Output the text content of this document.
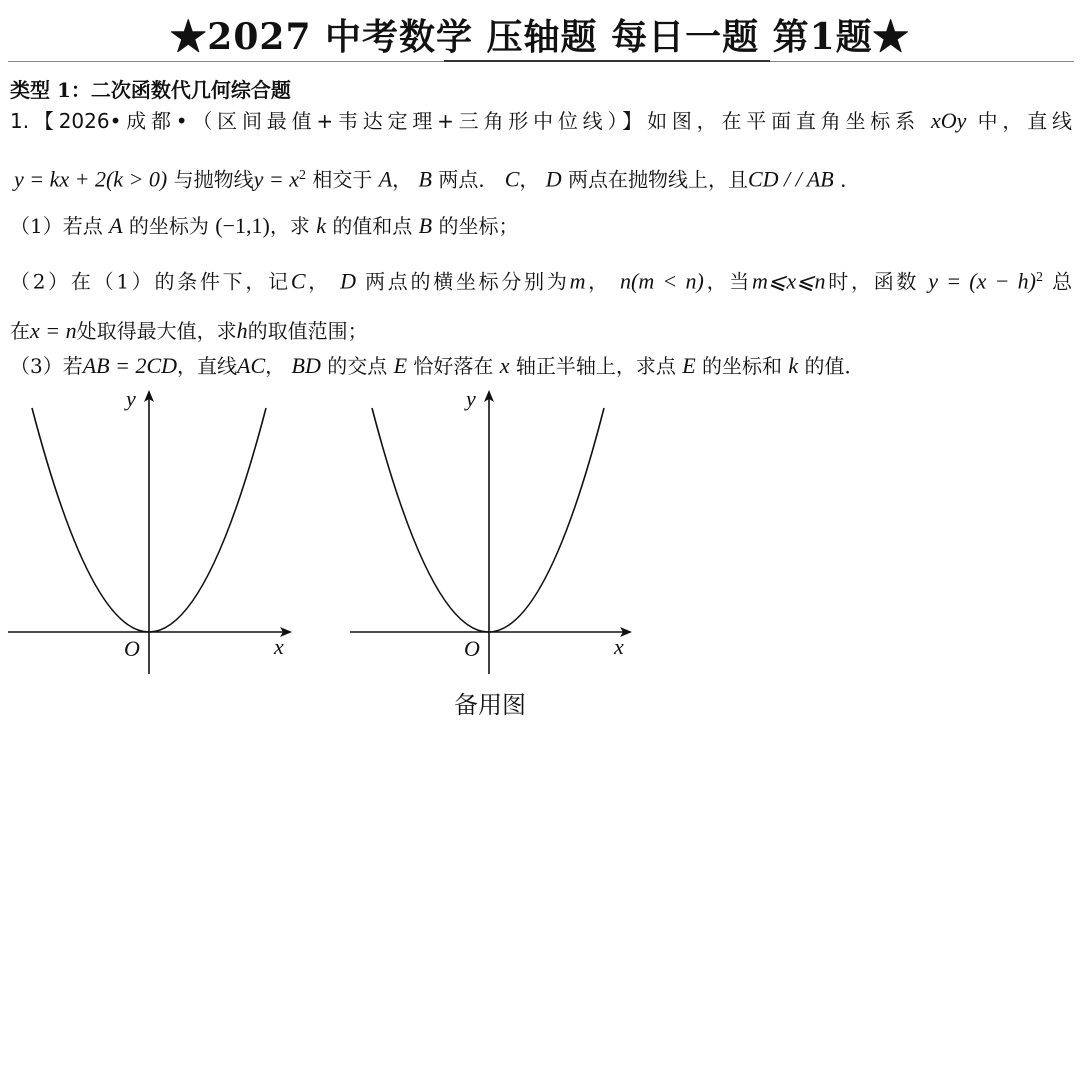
★2027 中考数学 压轴题 每日一题 第1题★
类型 1：二次函数代几何综合题
1.【2026•成都•（区间最值+韦达定理+三角形中位线）】如图，在平面直角坐标系 xOy 中，直线
y = kx + 2(k > 0) 与抛物线$y = x^2$ 相交于 A， B 两点． C， D 两点在抛物线上，且CD / / AB ．
（1）若点 A 的坐标为 (−1,1)，求 k 的值和点 B 的坐标；
（2）在（1）的条件下，记C， D 两点的横坐标分别为m， n(m < n)，当m⩽x⩽n时，函数 $y = (x - h)^2$ 总
在x = n处取得最大值，求h的取值范围；
（3）若AB = 2CD，直线AC， BD 的交点 E 恰好落在 x 轴正半轴上，求点 E 的坐标和 k 的值．
y
x
O
y
x
O
备用图
